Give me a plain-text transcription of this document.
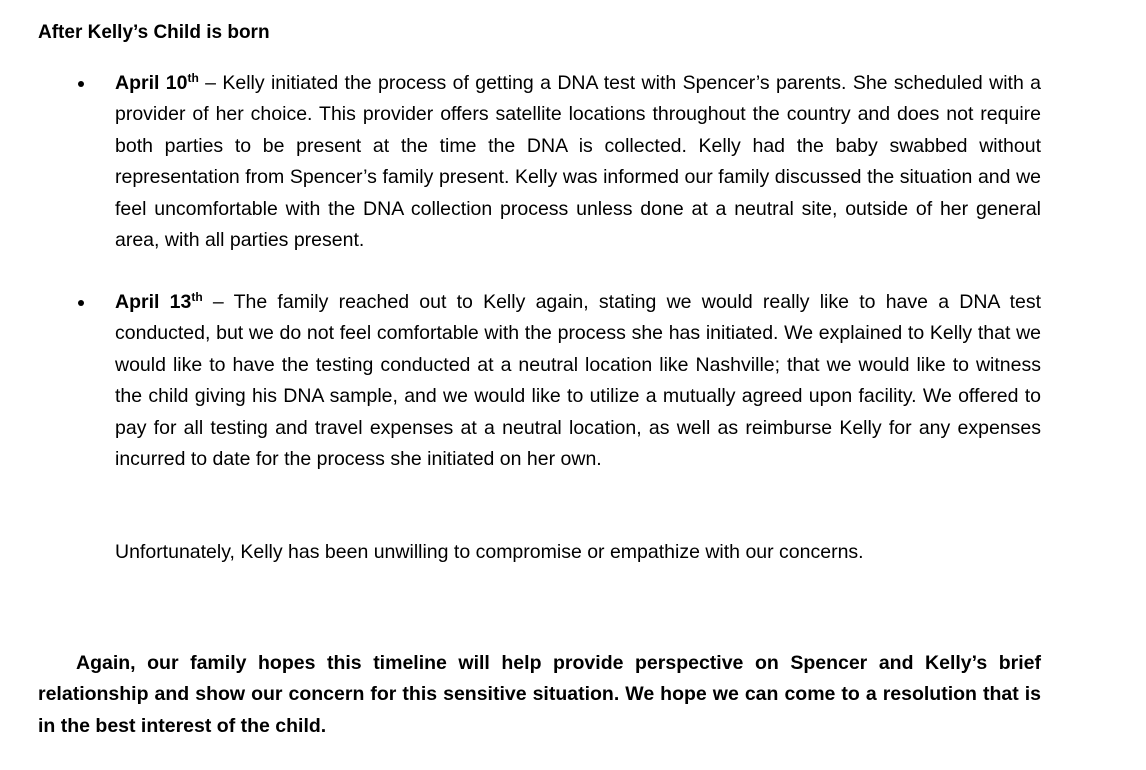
After Kelly’s Child is born
April 10th – Kelly initiated the process of getting a DNA test with Spencer’s parents. She scheduled with a provider of her choice. This provider offers satellite locations throughout the country and does not require both parties to be present at the time the DNA is collected. Kelly had the baby swabbed without representation from Spencer’s family present. Kelly was informed our family discussed the situation and we feel uncomfortable with the DNA collection process unless done at a neutral site, outside of her general area, with all parties present.
April 13th – The family reached out to Kelly again, stating we would really like to have a DNA test conducted, but we do not feel comfortable with the process she has initiated. We explained to Kelly that we would like to have the testing conducted at a neutral location like Nashville; that we would like to witness the child giving his DNA sample, and we would like to utilize a mutually agreed upon facility. We offered to pay for all testing and travel expenses at a neutral location, as well as reimburse Kelly for any expenses incurred to date for the process she initiated on her own.
Unfortunately, Kelly has been unwilling to compromise or empathize with our concerns.
Again, our family hopes this timeline will help provide perspective on Spencer and Kelly’s brief relationship and show our concern for this sensitive situation. We hope we can come to a resolution that is in the best interest of the child.
